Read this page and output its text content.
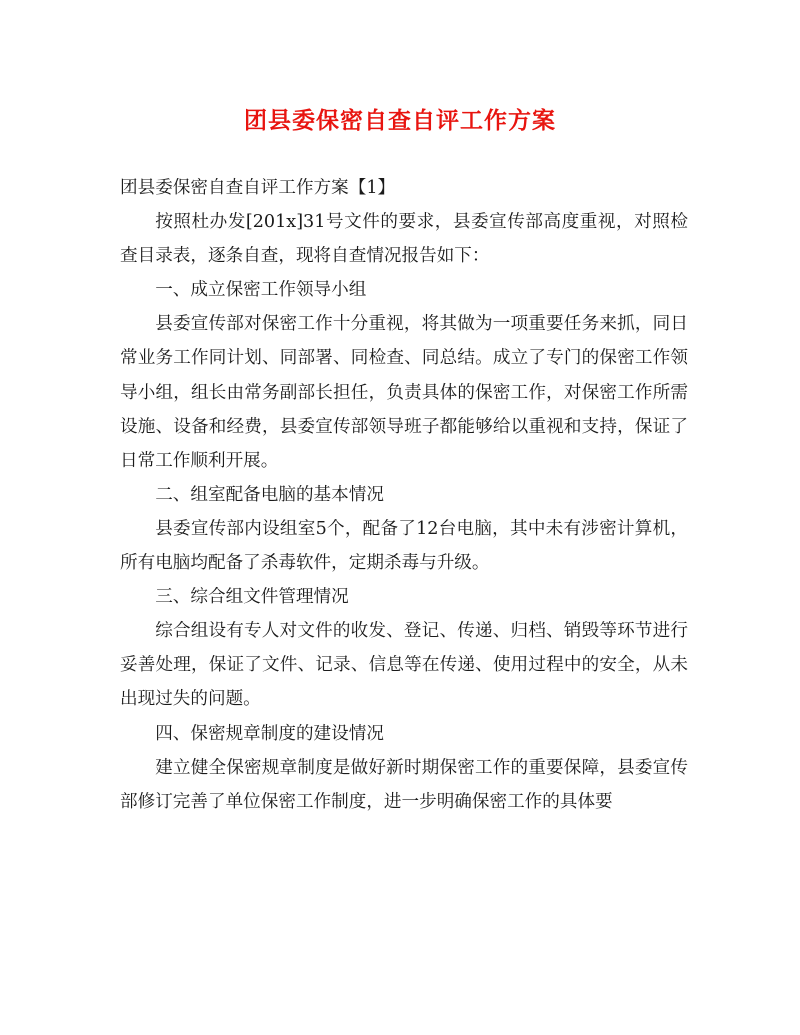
团县委保密自查自评工作方案

团县委保密自查自评工作方案【1】

按照杜办发[201x]31号文件的要求，县委宣传部高度重视，对照检查目录表，逐条自查，现将自查情况报告如下：

一、成立保密工作领导小组

县委宣传部对保密工作十分重视，将其做为一项重要任务来抓，同日常业务工作同计划、同部署、同检查、同总结。成立了专门的保密工作领导小组，组长由常务副部长担任，负责具体的保密工作，对保密工作所需设施、设备和经费，县委宣传部领导班子都能够给以重视和支持，保证了日常工作顺利开展。

二、组室配备电脑的基本情况

县委宣传部内设组室5个，配备了12台电脑，其中未有涉密计算机，所有电脑均配备了杀毒软件，定期杀毒与升级。

三、综合组文件管理情况

综合组设有专人对文件的收发、登记、传递、归档、销毁等环节进行妥善处理，保证了文件、记录、信息等在传递、使用过程中的安全，从未出现过失的问题。

四、保密规章制度的建设情况

建立健全保密规章制度是做好新时期保密工作的重要保障，县委宣传部修订完善了单位保密工作制度，进一步明确保密工作的具体要
